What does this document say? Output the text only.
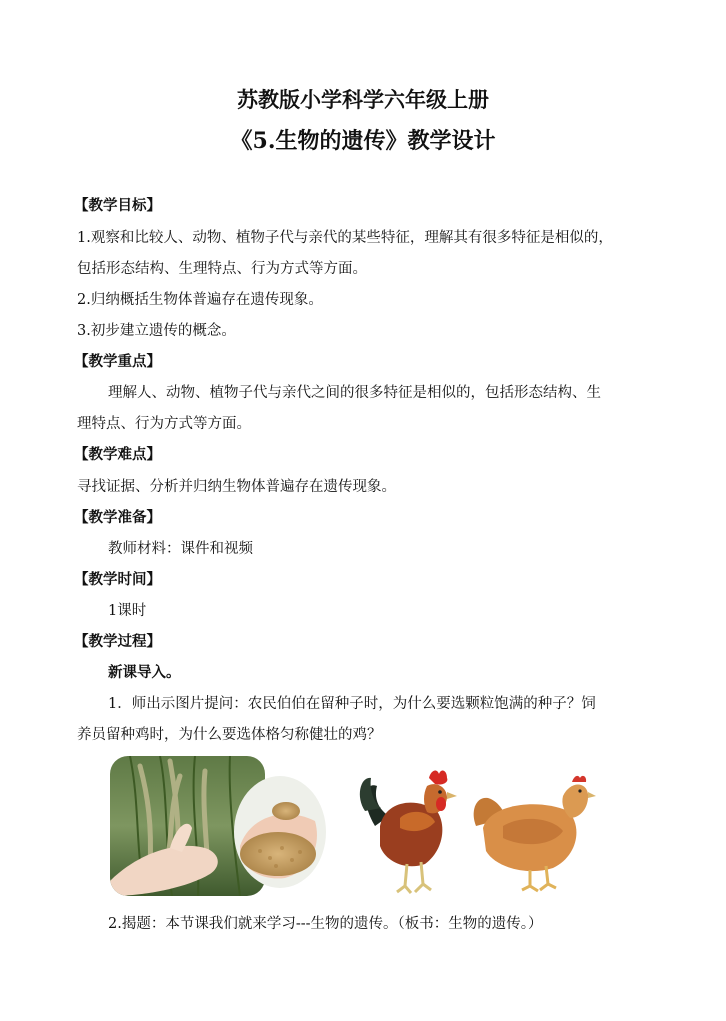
苏教版小学科学六年级上册
《5.生物的遗传》教学设计
【教学目标】
1.观察和比较人、动物、植物子代与亲代的某些特征，理解其有很多特征是相似的，
包括形态结构、生理特点、行为方式等方面。
2.归纳概括生物体普遍存在遗传现象。
3.初步建立遗传的概念。
【教学重点】
理解人、动物、植物子代与亲代之间的很多特征是相似的，包括形态结构、生
理特点、行为方式等方面。
【教学难点】
寻找证据、分析并归纳生物体普遍存在遗传现象。
【教学准备】
教师材料：课件和视频
【教学时间】
1课时
【教学过程】
新课导入。
1．师出示图片提问：农民伯伯在留种子时，为什么要选颗粒饱满的种子？饲
养员留种鸡时，为什么要选体格匀称健壮的鸡？
2.揭题：本节课我们就来学习---生物的遗传。（板书：生物的遗传。）
